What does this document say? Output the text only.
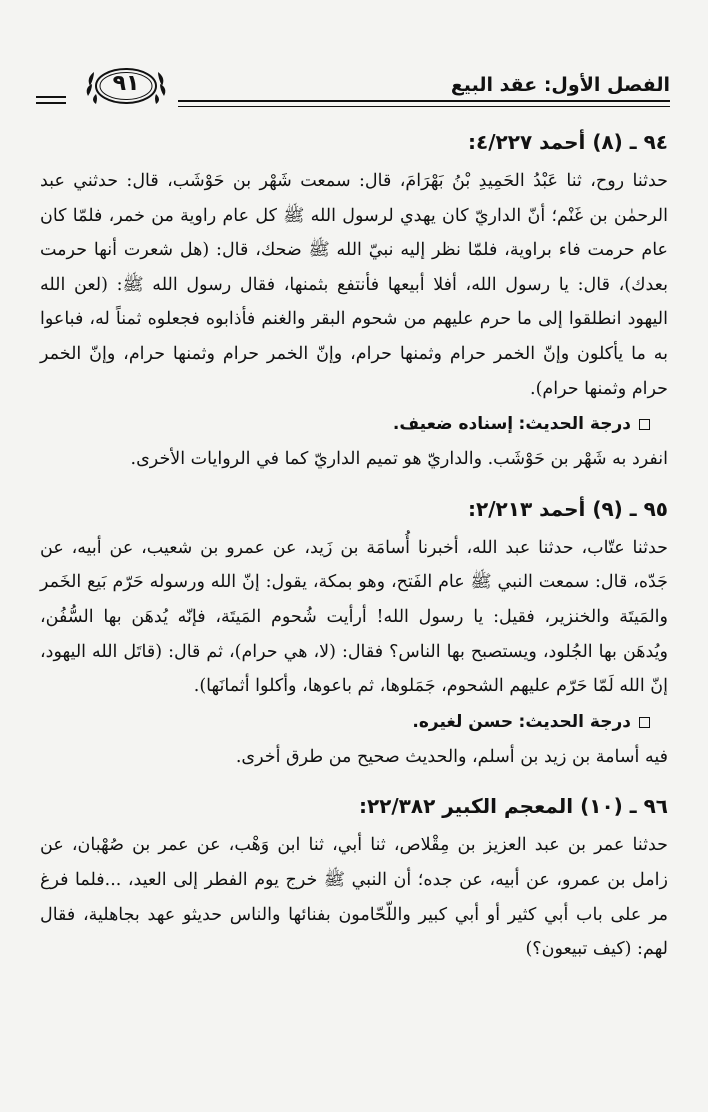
٩١	الفصل الأول: عقد البيع

٩٤ ـ (٨) أحمد ٤/٢٢٧:

حدثنا روح، ثنا عَبْدُ الحَمِيدِ بْنُ بَهْرَامَ، قال: سمعت شَهْر بن حَوْشَب، قال: حدثني عبد الرحمٰن بن غَنْم؛ أنّ الداريّ كان يهدي لرسول الله ﷺ كل عام راوية من خمر، فلمّا كان عام حرمت فاء براوية، فلمّا نظر إليه نبيّ الله ﷺ ضحك، قال: (هل شعرت أنها حرمت بعدك)، قال: يا رسول الله، أفلا أبيعها فأنتفع بثمنها، فقال رسول الله ﷺ: (لعن الله اليهود انطلقوا إلى ما حرم عليهم من شحوم البقر والغنم فأذابوه فجعلوه ثمناً له، فباعوا به ما يأكلون وإنّ الخمر حرام وثمنها حرام، وإنّ الخمر حرام وثمنها حرام، وإنّ الخمر حرام وثمنها حرام).

درجة الحديث: إسناده ضعيف.

انفرد به شَهْر بن حَوْشَب. والداريّ هو تميم الداريّ كما في الروايات الأخرى.

٩٥ ـ (٩) أحمد ٢/٢١٣:

حدثنا عتّاب، حدثنا عبد الله، أخبرنا أُسامَة بن زَيد، عن عمرو بن شعيب، عن أبيه، عن جَدّه، قال: سمعت النبي ﷺ عام الفَتح، وهو بمكة، يقول: إنّ الله ورسوله حَرّم بَيع الخَمر والمَيتَة والخنزير، فقيل: يا رسول الله! أرأيت شُحوم المَيتَة، فإنّه يُدهَن بها السُّفُن، ويُدهَن بها الجُلود، ويستصبح بها الناس؟ فقال: (لا، هي حرام)، ثم قال: (قاتَل الله اليهود، إنّ الله لَمّا حَرّم عليهم الشحوم، جَمَلوها، ثم باعوها، وأكلوا أثمانَها).

درجة الحديث: حسن لغيره.

فيه أسامة بن زيد بن أسلم، والحديث صحيح من طرق أخرى.

٩٦ ـ (١٠) المعجم الكبير ٢٢/٣٨٢:

حدثنا عمر بن عبد العزيز بن مِقْلاص، ثنا أبي، ثنا ابن وَهْب، عن عمر بن صُهْبان، عن زامل بن عمرو، عن أبيه، عن جده؛ أن النبي ﷺ خرج يوم الفطر إلى العيد، ...فلما فرغ مر على باب أبي كثير أو أبي كبير واللّحّامون بفنائها والناس حديثو عهد بجاهلية، فقال لهم: (كيف تبيعون؟)
